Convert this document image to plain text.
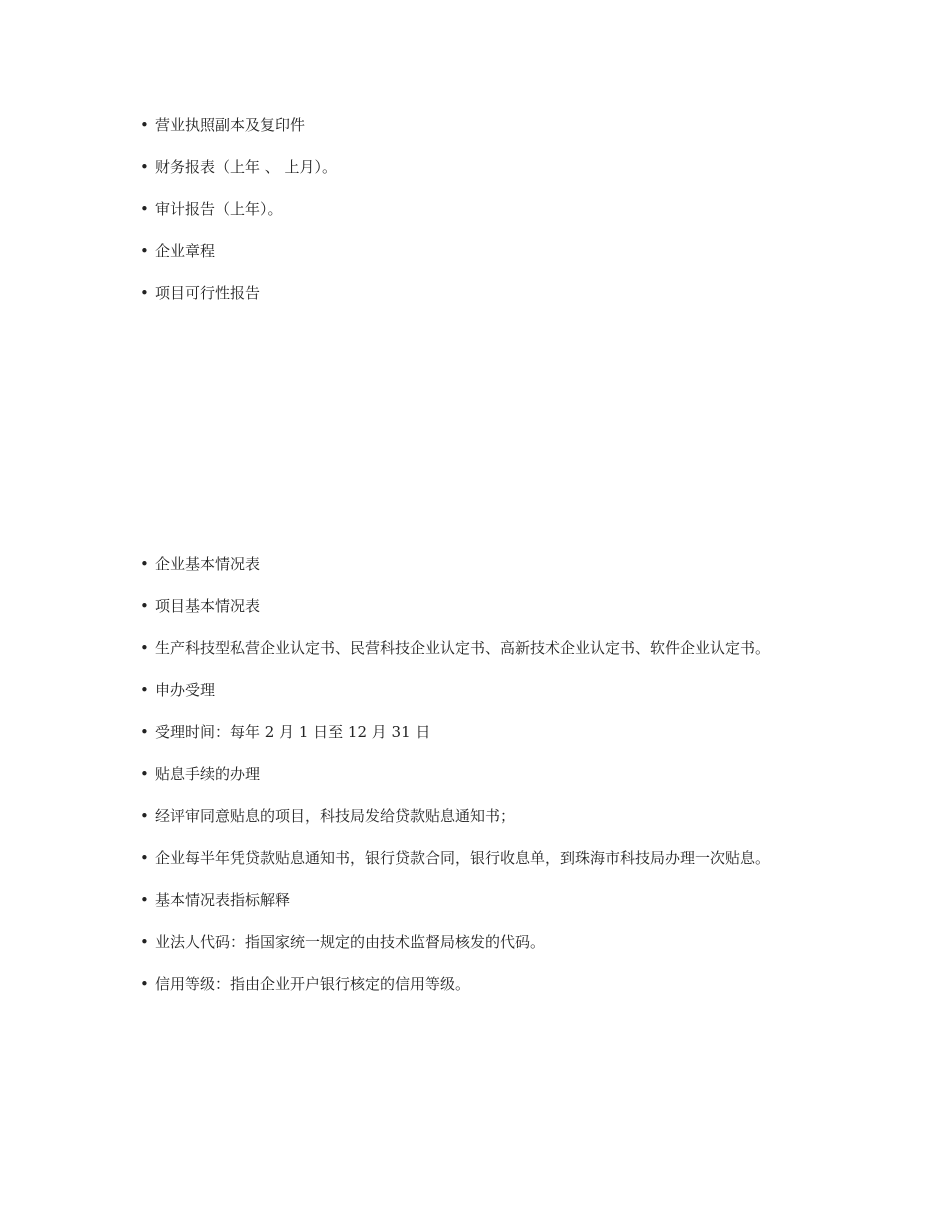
• 营业执照副本及复印件
• 财务报表（上年 、 上月）。
• 审计报告（上年）。
• 企业章程
• 项目可行性报告
• 企业基本情况表
• 项目基本情况表
• 生产科技型私营企业认定书、民营科技企业认定书、高新技术企业认定书、软件企业认定书。
• 申办受理
• 受理时间：每年 2 月 1 日至 12 月 31 日
• 贴息手续的办理
• 经评审同意贴息的项目，科技局发给贷款贴息通知书；
• 企业每半年凭贷款贴息通知书，银行贷款合同，银行收息单，到珠海市科技局办理一次贴息。
• 基本情况表指标解释
• 业法人代码：指国家统一规定的由技术监督局核发的代码。
• 信用等级：指由企业开户银行核定的信用等级。
